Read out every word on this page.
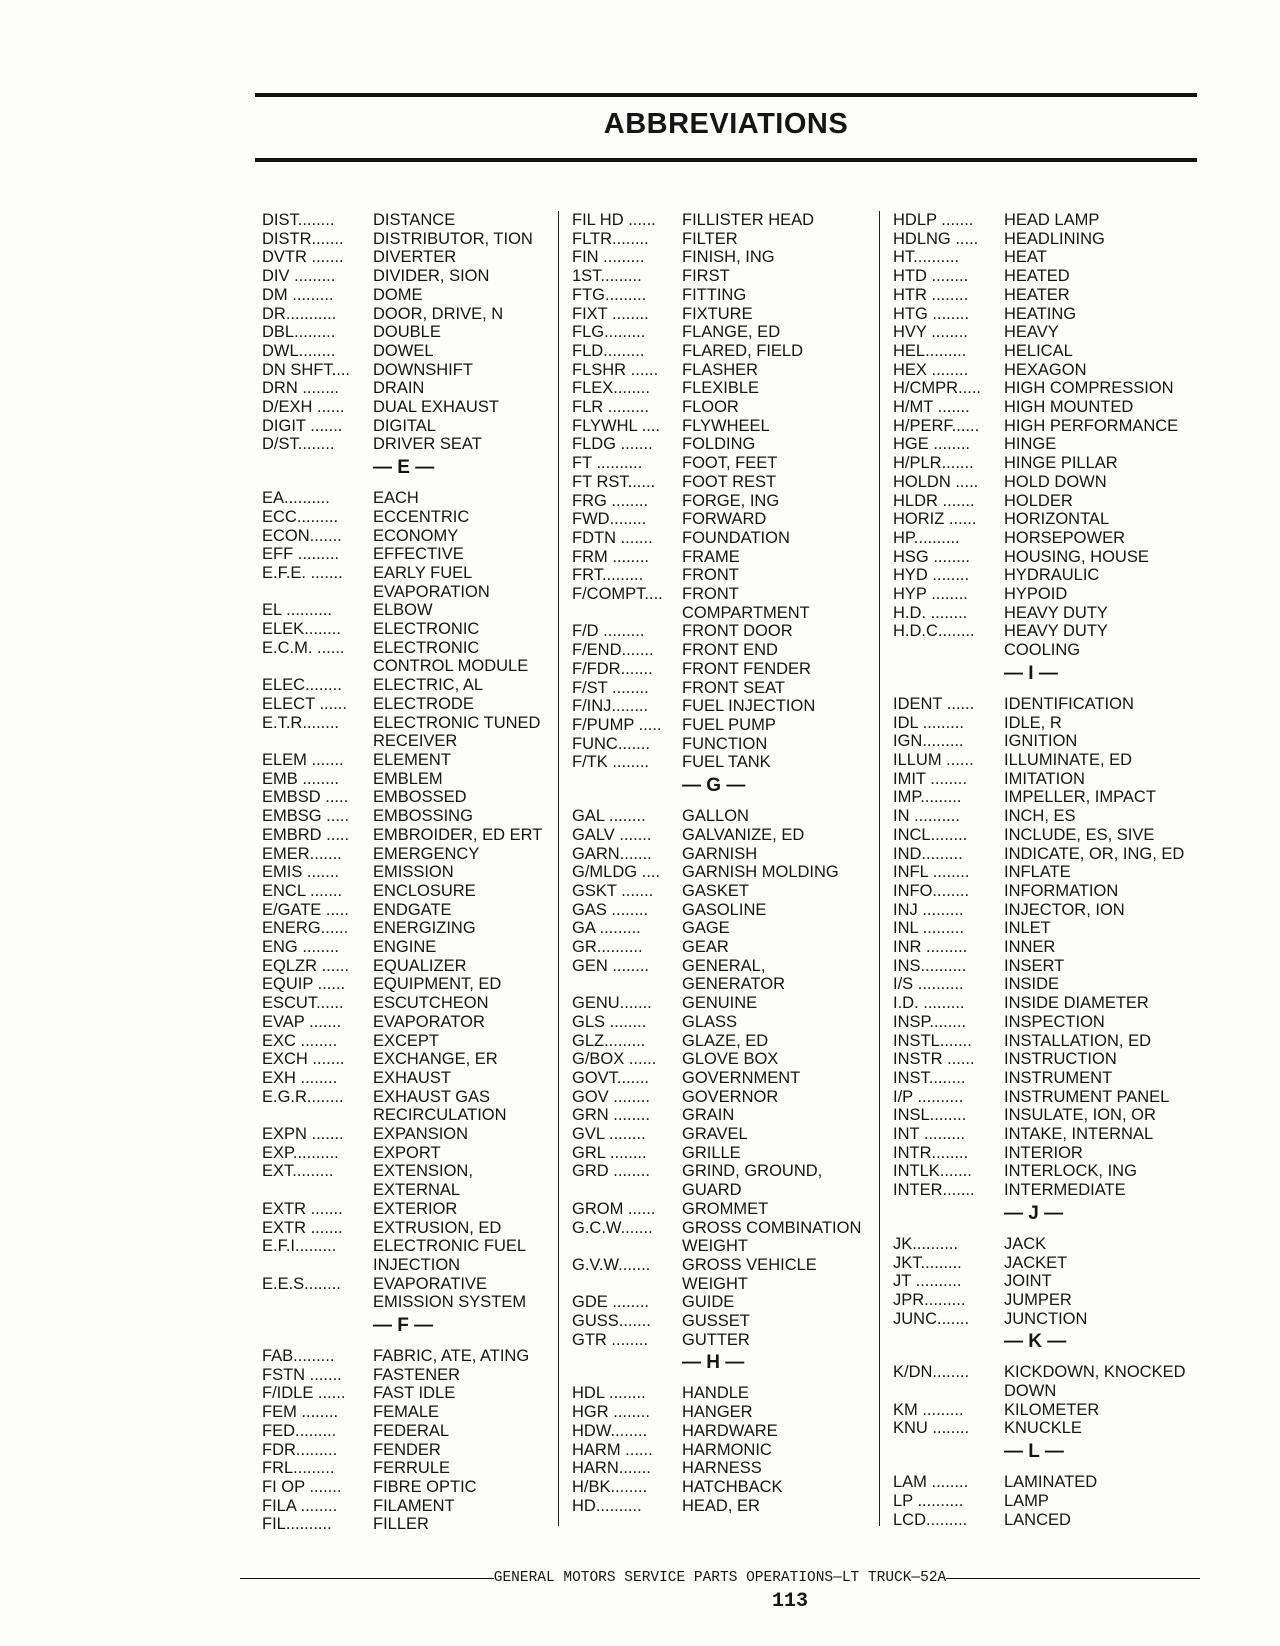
ABBREVIATIONS
DIST........	DISTANCE
DISTR.......	DISTRIBUTOR, TION
DVTR .......	DIVERTER
DIV .........	DIVIDER, SION
DM .........	DOME
DR...........	DOOR, DRIVE, N
DBL.........	DOUBLE
DWL........	DOWEL
DN SHFT....	DOWNSHIFT
DRN ........	DRAIN
D/EXH ......	DUAL EXHAUST
DIGIT .......	DIGITAL
D/ST........	DRIVER SEAT
— E —
EA..........	EACH
ECC.........	ECCENTRIC
ECON.......	ECONOMY
EFF .........	EFFECTIVE
E.F.E. .......	EARLY FUEL
EVAPORATION
EL ..........	ELBOW
ELEK........	ELECTRONIC
E.C.M. ......	ELECTRONIC
CONTROL MODULE
ELEC........	ELECTRIC, AL
ELECT ......	ELECTRODE
E.T.R........	ELECTRONIC TUNED
RECEIVER
ELEM .......	ELEMENT
EMB ........	EMBLEM
EMBSD .....	EMBOSSED
EMBSG .....	EMBOSSING
EMBRD .....	EMBROIDER, ED ERT
EMER.......	EMERGENCY
EMIS .......	EMISSION
ENCL .......	ENCLOSURE
E/GATE .....	ENDGATE
ENERG......	ENERGIZING
ENG ........	ENGINE
EQLZR ......	EQUALIZER
EQUIP ......	EQUIPMENT, ED
ESCUT......	ESCUTCHEON
EVAP .......	EVAPORATOR
EXC ........	EXCEPT
EXCH .......	EXCHANGE, ER
EXH ........	EXHAUST
E.G.R........	EXHAUST GAS
RECIRCULATION
EXPN .......	EXPANSION
EXP..........	EXPORT
EXT.........	EXTENSION,
EXTERNAL
EXTR .......	EXTERIOR
EXTR .......	EXTRUSION, ED
E.F.I.........	ELECTRONIC FUEL
INJECTION
E.E.S........	EVAPORATIVE
EMISSION SYSTEM
— F —
FAB.........	FABRIC, ATE, ATING
FSTN .......	FASTENER
F/IDLE ......	FAST IDLE
FEM ........	FEMALE
FED.........	FEDERAL
FDR.........	FENDER
FRL.........	FERRULE
FI OP .......	FIBRE OPTIC
FILA ........	FILAMENT
FIL..........	FILLER
FIL HD ......	FILLISTER HEAD
FLTR........	FILTER
FIN .........	FINISH, ING
1ST.........	FIRST
FTG.........	FITTING
FIXT ........	FIXTURE
FLG.........	FLANGE, ED
FLD.........	FLARED, FIELD
FLSHR ......	FLASHER
FLEX........	FLEXIBLE
FLR .........	FLOOR
FLYWHL ....	FLYWHEEL
FLDG .......	FOLDING
FT ..........	FOOT, FEET
FT RST......	FOOT REST
FRG ........	FORGE, ING
FWD........	FORWARD
FDTN .......	FOUNDATION
FRM ........	FRAME
FRT.........	FRONT
F/COMPT....	FRONT
COMPARTMENT
F/D .........	FRONT DOOR
F/END.......	FRONT END
F/FDR.......	FRONT FENDER
F/ST ........	FRONT SEAT
F/INJ........	FUEL INJECTION
F/PUMP .....	FUEL PUMP
FUNC.......	FUNCTION
F/TK ........	FUEL TANK
— G —
GAL ........	GALLON
GALV .......	GALVANIZE, ED
GARN.......	GARNISH
G/MLDG ....	GARNISH MOLDING
GSKT .......	GASKET
GAS ........	GASOLINE
GA .........	GAGE
GR..........	GEAR
GEN ........	GENERAL,
GENERATOR
GENU.......	GENUINE
GLS ........	GLASS
GLZ.........	GLAZE, ED
G/BOX ......	GLOVE BOX
GOVT.......	GOVERNMENT
GOV ........	GOVERNOR
GRN ........	GRAIN
GVL ........	GRAVEL
GRL ........	GRILLE
GRD ........	GRIND, GROUND,
GUARD
GROM ......	GROMMET
G.C.W.......	GROSS COMBINATION
WEIGHT
G.V.W.......	GROSS VEHICLE
WEIGHT
GDE ........	GUIDE
GUSS.......	GUSSET
GTR ........	GUTTER
— H —
HDL ........	HANDLE
HGR ........	HANGER
HDW........	HARDWARE
HARM ......	HARMONIC
HARN.......	HARNESS
H/BK........	HATCHBACK
HD..........	HEAD, ER
HDLP .......	HEAD LAMP
HDLNG .....	HEADLINING
HT..........	HEAT
HTD ........	HEATED
HTR ........	HEATER
HTG ........	HEATING
HVY ........	HEAVY
HEL.........	HELICAL
HEX ........	HEXAGON
H/CMPR.....	HIGH COMPRESSION
H/MT .......	HIGH MOUNTED
H/PERF......	HIGH PERFORMANCE
HGE ........	HINGE
H/PLR.......	HINGE PILLAR
HOLDN .....	HOLD DOWN
HLDR .......	HOLDER
HORIZ ......	HORIZONTAL
HP..........	HORSEPOWER
HSG ........	HOUSING, HOUSE
HYD ........	HYDRAULIC
HYP ........	HYPOID
H.D. ........	HEAVY DUTY
H.D.C........	HEAVY DUTY
COOLING
— I —
IDENT ......	IDENTIFICATION
IDL .........	IDLE, R
IGN.........	IGNITION
ILLUM ......	ILLUMINATE, ED
IMIT ........	IMITATION
IMP.........	IMPELLER, IMPACT
IN ..........	INCH, ES
INCL........	INCLUDE, ES, SIVE
IND.........	INDICATE, OR, ING, ED
INFL ........	INFLATE
INFO........	INFORMATION
INJ .........	INJECTOR, ION
INL .........	INLET
INR .........	INNER
INS..........	INSERT
I/S ..........	INSIDE
I.D. .........	INSIDE DIAMETER
INSP........	INSPECTION
INSTL.......	INSTALLATION, ED
INSTR ......	INSTRUCTION
INST........	INSTRUMENT
I/P ..........	INSTRUMENT PANEL
INSL........	INSULATE, ION, OR
INT .........	INTAKE, INTERNAL
INTR........	INTERIOR
INTLK.......	INTERLOCK, ING
INTER.......	INTERMEDIATE
— J —
JK..........	JACK
JKT.........	JACKET
JT ..........	JOINT
JPR.........	JUMPER
JUNC.......	JUNCTION
— K —
K/DN........	KICKDOWN, KNOCKED
DOWN
KM .........	KILOMETER
KNU ........	KNUCKLE
— L —
LAM ........	LAMINATED
LP ..........	LAMP
LCD.........	LANCED
GENERAL MOTORS SERVICE PARTS OPERATIONS—LT TRUCK—52A
113
